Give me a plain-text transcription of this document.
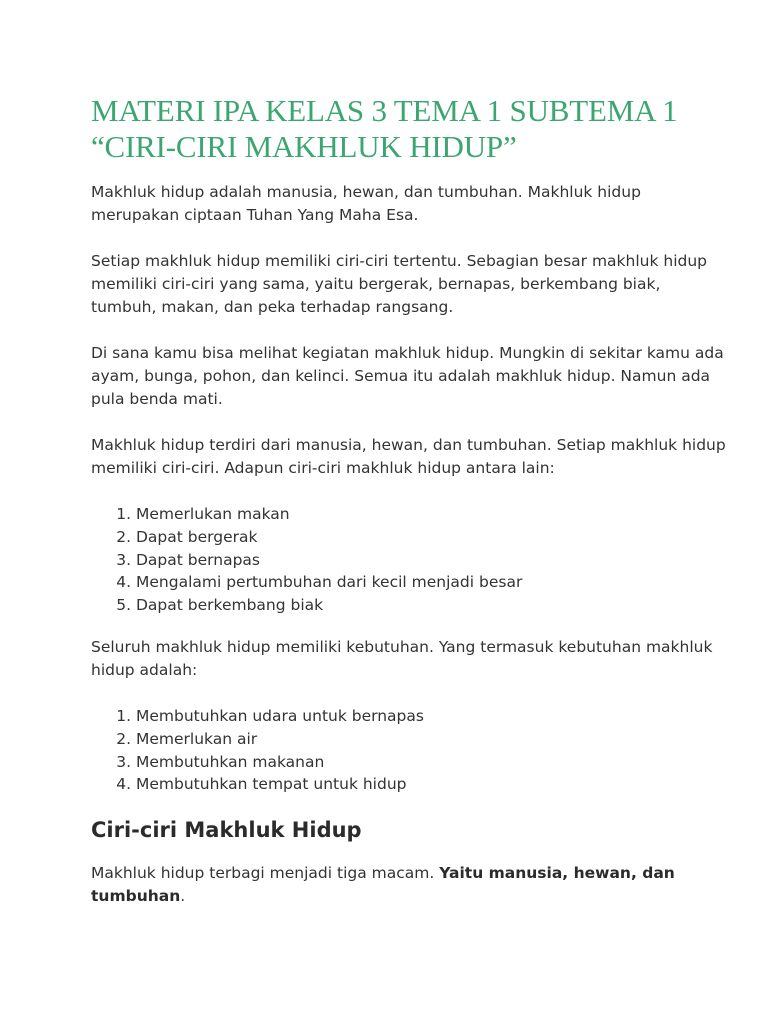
MATERI IPA KELAS 3 TEMA 1 SUBTEMA 1
“CIRI-CIRI MAKHLUK HIDUP”

Makhluk hidup adalah manusia, hewan, dan tumbuhan. Makhluk hidup merupakan ciptaan Tuhan Yang Maha Esa.

Setiap makhluk hidup memiliki ciri-ciri tertentu. Sebagian besar makhluk hidup memiliki ciri-ciri yang sama, yaitu bergerak, bernapas, berkembang biak, tumbuh, makan, dan peka terhadap rangsang.

Di sana kamu bisa melihat kegiatan makhluk hidup. Mungkin di sekitar kamu ada ayam, bunga, pohon, dan kelinci. Semua itu adalah makhluk hidup. Namun ada pula benda mati.

Makhluk hidup terdiri dari manusia, hewan, dan tumbuhan. Setiap makhluk hidup memiliki ciri-ciri. Adapun ciri-ciri makhluk hidup antara lain:

1. Memerlukan makan
2. Dapat bergerak
3. Dapat bernapas
4. Mengalami pertumbuhan dari kecil menjadi besar
5. Dapat berkembang biak

Seluruh makhluk hidup memiliki kebutuhan. Yang termasuk kebutuhan makhluk hidup adalah:

1. Membutuhkan udara untuk bernapas
2. Memerlukan air
3. Membutuhkan makanan
4. Membutuhkan tempat untuk hidup
Ciri-ciri Makhluk Hidup

Makhluk hidup terbagi menjadi tiga macam. Yaitu manusia, hewan, dan tumbuhan.
